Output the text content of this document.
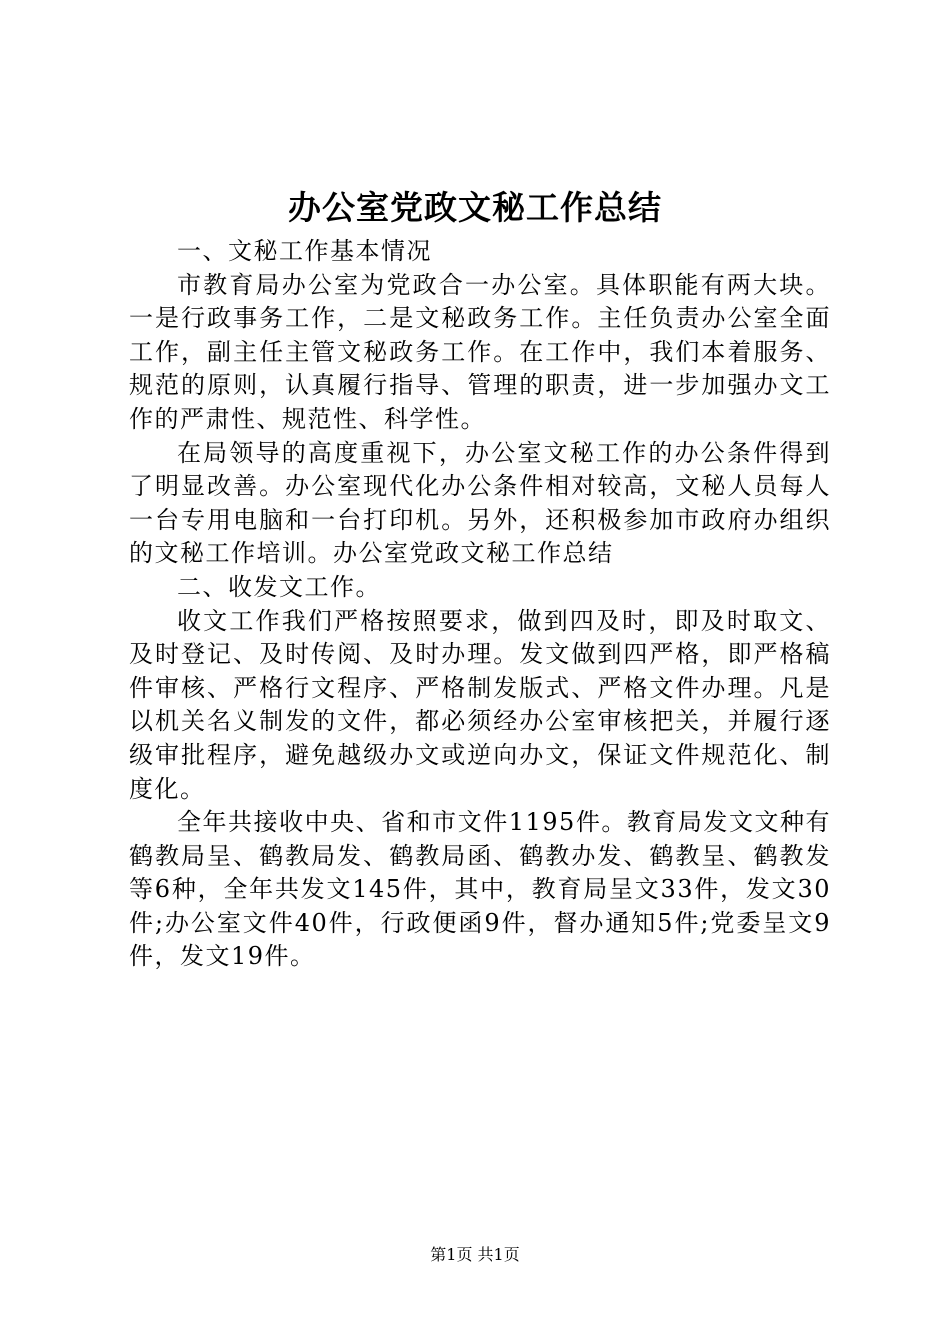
办公室党政文秘工作总结

一、文秘工作基本情况

市教育局办公室为党政合一办公室。具体职能有两大块。一是行政事务工作，二是文秘政务工作。主任负责办公室全面工作，副主任主管文秘政务工作。在工作中，我们本着服务、规范的原则，认真履行指导、管理的职责，进一步加强办文工作的严肃性、规范性、科学性。

在局领导的高度重视下，办公室文秘工作的办公条件得到了明显改善。办公室现代化办公条件相对较高，文秘人员每人一台专用电脑和一台打印机。另外，还积极参加市政府办组织的文秘工作培训。办公室党政文秘工作总结

二、收发文工作。

收文工作我们严格按照要求，做到四及时，即及时取文、及时登记、及时传阅、及时办理。发文做到四严格，即严格稿件审核、严格行文程序、严格制发版式、严格文件办理。凡是以机关名义制发的文件，都必须经办公室审核把关，并履行逐级审批程序，避免越级办文或逆向办文，保证文件规范化、制度化。

全年共接收中央、省和市文件1195件。教育局发文文种有鹤教局呈、鹤教局发、鹤教局函、鹤教办发、鹤教呈、鹤教发等6种，全年共发文145件，其中，教育局呈文33件，发文30件;办公室文件40件，行政便函9件，督办通知5件;党委呈文9件，发文19件。

第1页 共1页
